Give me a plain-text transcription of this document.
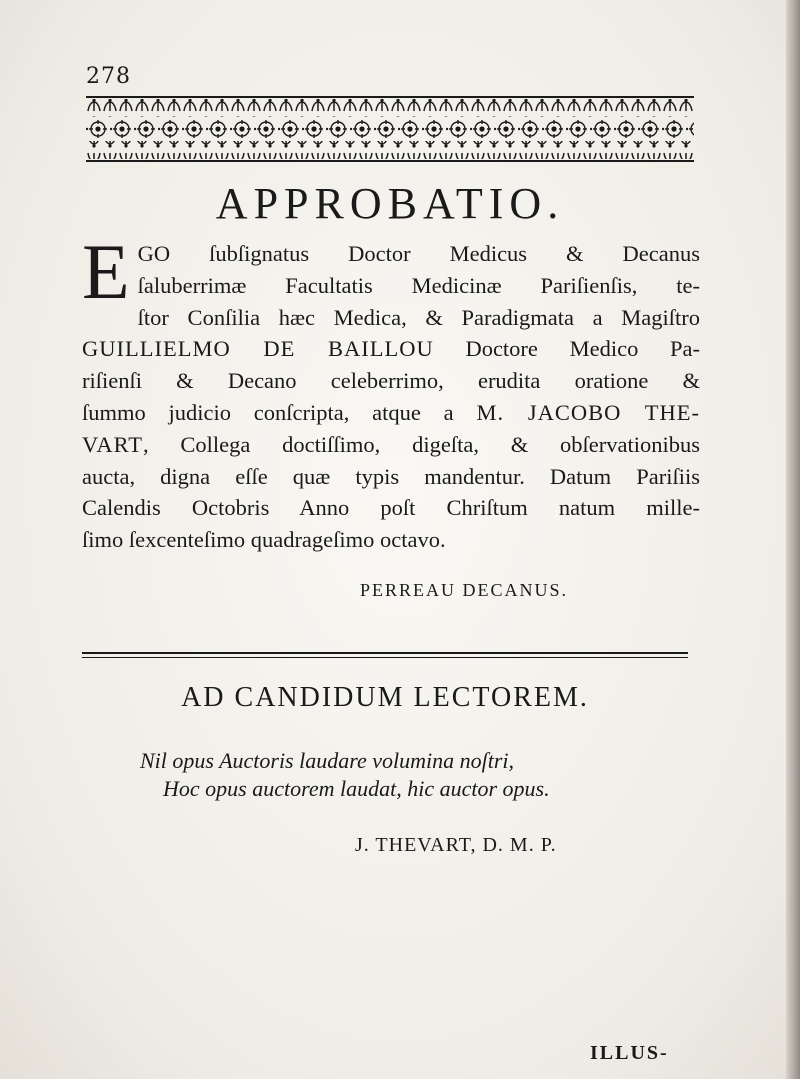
278
APPROBATIO.
E GO ſubſignatus Doctor Medicus & Decanus
ſaluberrimæ Facultatis Medicinæ Pariſienſis, te-
ſtor Conſilia hæc Medica, & Paradigmata a Magiſtro
GUILLIELMO DE BAILLOU Doctore Medico Pa-
riſienſi & Decano celeberrimo, erudita oratione &
ſummo judicio conſcripta, atque a M. JACOBO THE-
VART, Collega doctiſſimo, digeſta, & obſervationibus
aucta, digna eſſe quæ typis mandentur. Datum Pariſiis
Calendis Octobris Anno poſt Chriſtum natum mille-
ſimo ſexcenteſimo quadrageſimo octavo.
PERREAU DECANUS.
AD CANDIDUM LECTOREM.
Nil opus Auctoris laudare volumina noſtri,
Hoc opus auctorem laudat, hic auctor opus.
J. THEVART, D. M. P.
ILLUS-
